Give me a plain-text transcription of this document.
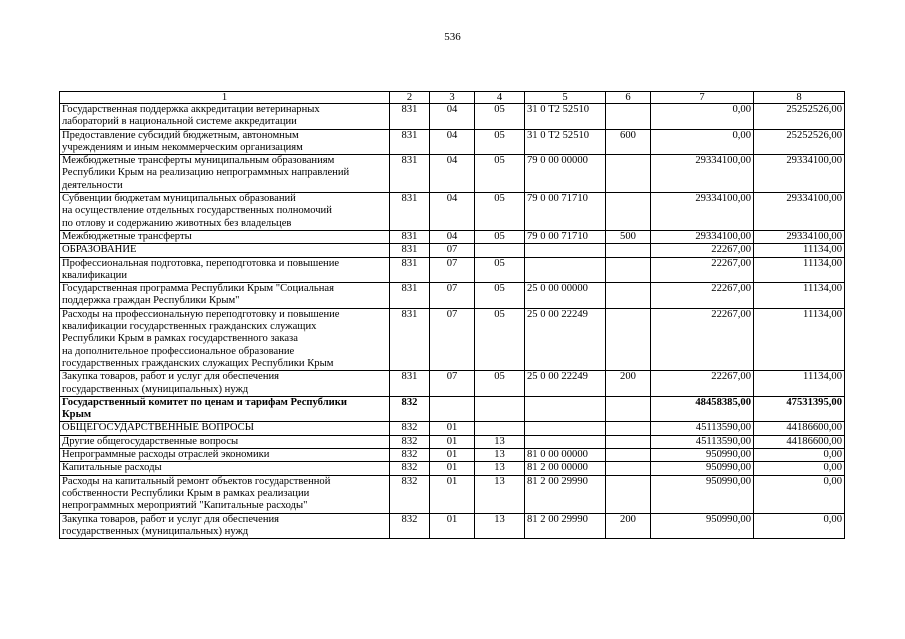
536
1	2	3	4	5	6	7	8

Государственная поддержка аккредитации ветеринарных
лабораторий в национальной системе аккредитации	831	04	05	31 0 Т2 52510		0,00	25252526,00

Предоставление субсидий бюджетным, автономным
учреждениям и иным некоммерческим организациям	831	04	05	31 0 Т2 52510	600	0,00	25252526,00

Межбюджетные трансферты муниципальным образованиям
Республики Крым на реализацию непрограммных направлений
деятельности	831	04	05	79 0 00 00000		29334100,00	29334100,00

Субвенции бюджетам муниципальных образований
на осуществление отдельных государственных полномочий
по отлову и содержанию животных без владельцев	831	04	05	79 0 00 71710		29334100,00	29334100,00

Межбюджетные трансферты	831	04	05	79 0 00 71710	500	29334100,00	29334100,00

ОБРАЗОВАНИЕ	831	07				22267,00	11134,00

Профессиональная подготовка, переподготовка и повышение
квалификации	831	07	05			22267,00	11134,00

Государственная программа Республики Крым "Социальная
поддержка граждан Республики Крым"	831	07	05	25 0 00 00000		22267,00	11134,00

Расходы на профессиональную переподготовку и повышение
квалификации государственных гражданских служащих
Республики Крым в рамках государственного заказа
на дополнительное профессиональное образование
государственных гражданских служащих Республики Крым	831	07	05	25 0 00 22249		22267,00	11134,00

Закупка товаров, работ и услуг для обеспечения
государственных (муниципальных) нужд	831	07	05	25 0 00 22249	200	22267,00	11134,00

Государственный комитет по ценам и тарифам Республики
Крым	832					48458385,00	47531395,00

ОБЩЕГОСУДАРСТВЕННЫЕ ВОПРОСЫ	832	01				45113590,00	44186600,00

Другие общегосударственные вопросы	832	01	13			45113590,00	44186600,00

Непрограммные расходы отраслей экономики	832	01	13	81 0 00 00000		950990,00	0,00

Капитальные расходы	832	01	13	81 2 00 00000		950990,00	0,00

Расходы на капитальный ремонт объектов государственной
собственности Республики Крым в рамках реализации
непрограммных мероприятий "Капитальные расходы"	832	01	13	81 2 00 29990		950990,00	0,00

Закупка товаров, работ и услуг для обеспечения
государственных (муниципальных) нужд	832	01	13	81 2 00 29990	200	950990,00	0,00
